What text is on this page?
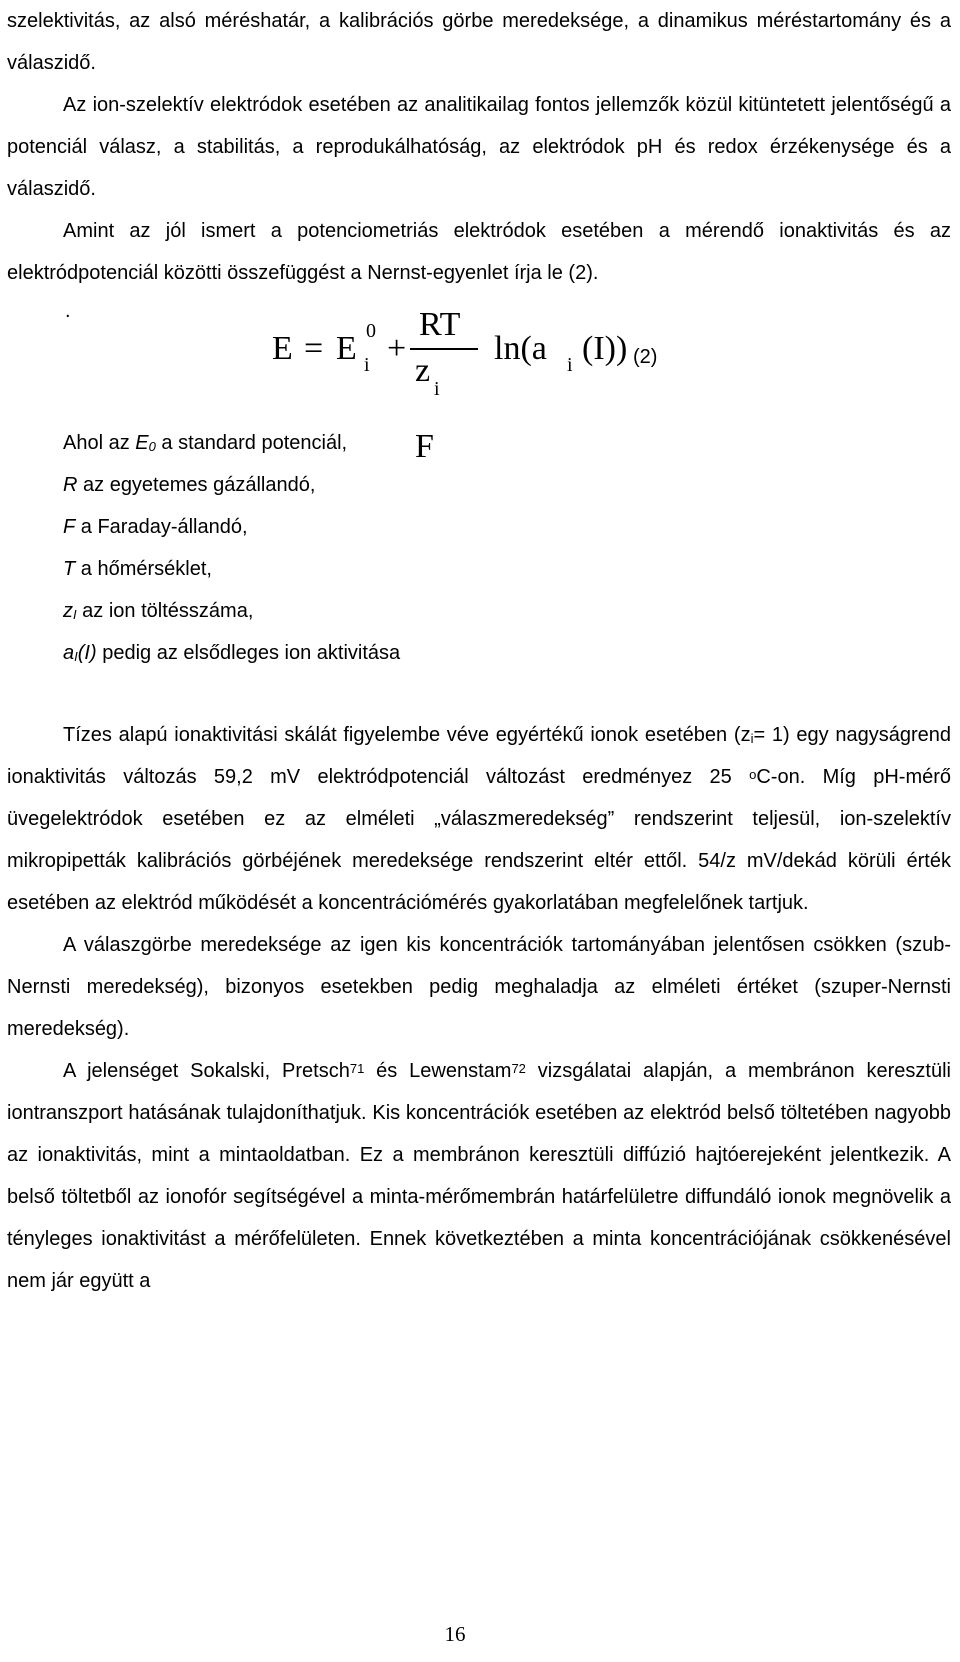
szelektivitás, az alsó méréshatár, a kalibrációs görbe meredeksége, a dinamikus méréstartomány és a válaszidő.

Az ion-szelektív elektródok esetében az analitikailag fontos jellemzők közül kitüntetett jelentőségű a potenciál válasz, a stabilitás, a reprodukálhatóság, az elektródok pH és redox érzékenysége és a válaszidő.

Amint az jól ismert a potenciometriás elektródok esetében a mérendő ionaktivitás és az elektródpotenciál közötti összefüggést a Nernst-egyenlet írja le (2).

.
E = E 0
i +
RT
zF
i
ln(a i (I)) (2)

Ahol az $E_0$ a standard potenciál,

R az egyetemes gázállandó,

F a Faraday-állandó,

T a hőmérséklet,

$z_I$ az ion töltésszáma,

$a_I(I)$ pedig az elsődleges ion aktivitása

Tízes alapú ionaktivitási skálát figyelembe véve egyértékű ionok esetében $(z_i= 1)$ egy nagyságrend ionaktivitás változás 59,2 mV elektródpotenciál változást eredményez 25 $^o$C-on. Míg pH-mérő üvegelektródok esetében ez az elméleti „válaszmeredekség” rendszerint teljesül, ion-szelektív mikropipetták kalibrációs görbéjének meredeksége rendszerint eltér ettől. 54/z mV/dekád körüli érték esetében az elektród működését a koncentrációmérés gyakorlatában megfelelőnek tartjuk.

A válaszgörbe meredeksége az igen kis koncentrációk tartományában jelentősen csökken (szub-Nernsti meredekség), bizonyos esetekben pedig meghaladja az elméleti értéket (szuper-Nernsti meredekség).

A jelenséget Sokalski, Pretsch$^{71}$ és Lewenstam$^{72}$ vizsgálatai alapján, a membránon keresztüli iontranszport hatásának tulajdoníthatjuk. Kis koncentrációk esetében az elektród belső töltetében nagyobb az ionaktivitás, mint a mintaoldatban. Ez a membránon keresztüli diffúzió hajtóerejeként jelentkezik. A belső töltetből az ionofór segítségével a minta-mérőmembrán határfelületre diffundáló ionok megnövelik a tényleges ionaktivitást a mérőfelületen. Ennek következtében a minta koncentrációjának csökkenésével nem jár együtt a

16
